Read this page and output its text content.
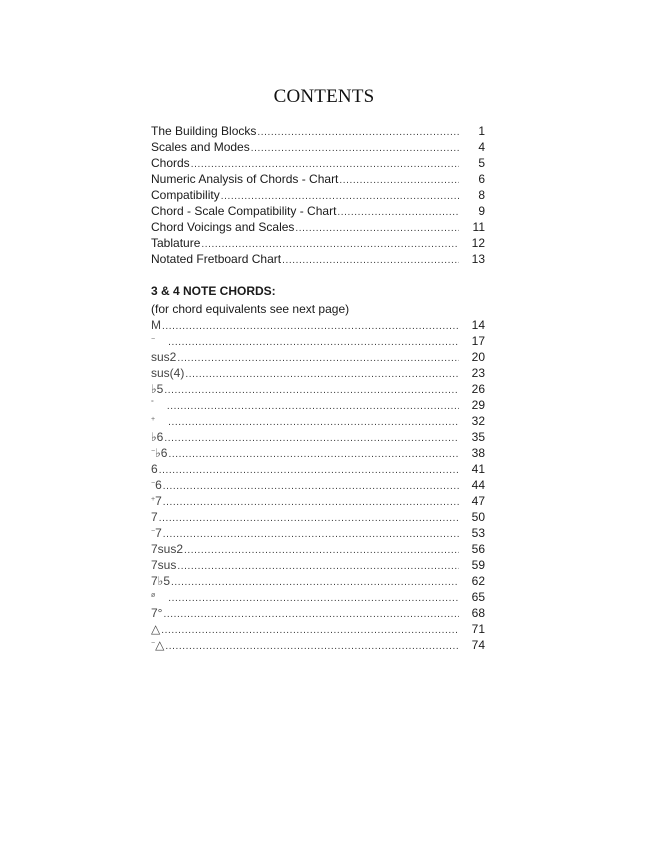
CONTENTS
The Building Blocks .....	1
Scales and Modes .....	4
Chords .....	5
Numeric Analysis of Chords - Chart .....	6
Compatibility .....	8
Chord - Scale Compatibility - Chart .....	9
Chord Voicings and Scales .....	11
Tablature .....	12
Notated Fretboard Chart .....	13
3 & 4 NOTE CHORDS:
(for chord equivalents see next page)
M .....	14
− .....	17
sus2 .....	20
sus(4) .....	23
♭5 .....	26
° .....	29
+ .....	32
♭6 .....	35
−♭6 .....	38
6 .....	41
−6 .....	44
+7 .....	47
7 .....	50
−7 .....	53
7sus2 .....	56
7sus .....	59
7♭5 .....	62
$^ø$ .....	65
7° .....	68
△ .....	71
−△ .....	74
